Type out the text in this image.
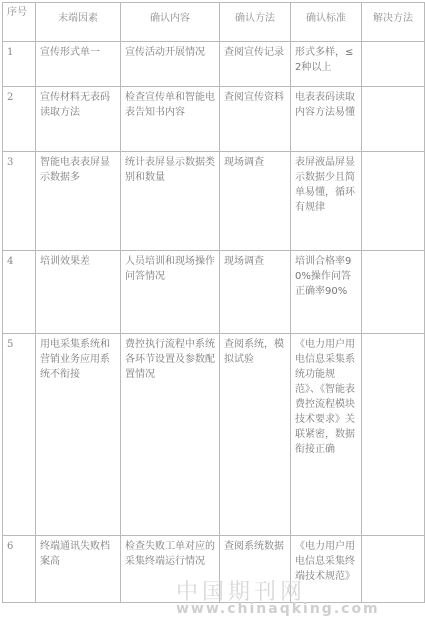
序号	末端因素	确认内容	确认方法	确认标准	解决方法
1	宣传形式单一	宣传活动开展情况	查阅宣传记录	形式多样，≤2种以上	
2	宣传材料无表码读取方法	检查宣传单和智能电表告知书内容	查阅宣传资料	电表表码读取内容方法易懂	
3	智能电表表屏显示数据多	统计表屏显示数据类别和数量	现场调查	表屏液晶屏显示数据少且简单易懂，循环有规律	
4	培训效果差	人员培训和现场操作问答情况	现场调查	培训合格率90%操作问答正确率90%	
5	用电采集系统和营销业务应用系统不衔接	费控执行流程中系统各环节设置及参数配置情况	查阅系统，模拟试验	《电力用户用电信息采集系统功能规范》、《智能表费控流程模块技术要求》关联紧密，数据衔接正确	
6	终端通讯失败档案高	检查失败工单对应的采集终端运行情况	查阅系统数据	《电力用户用电信息采集终端技术规范》	
中国期刊网
www.chinaqking.com
